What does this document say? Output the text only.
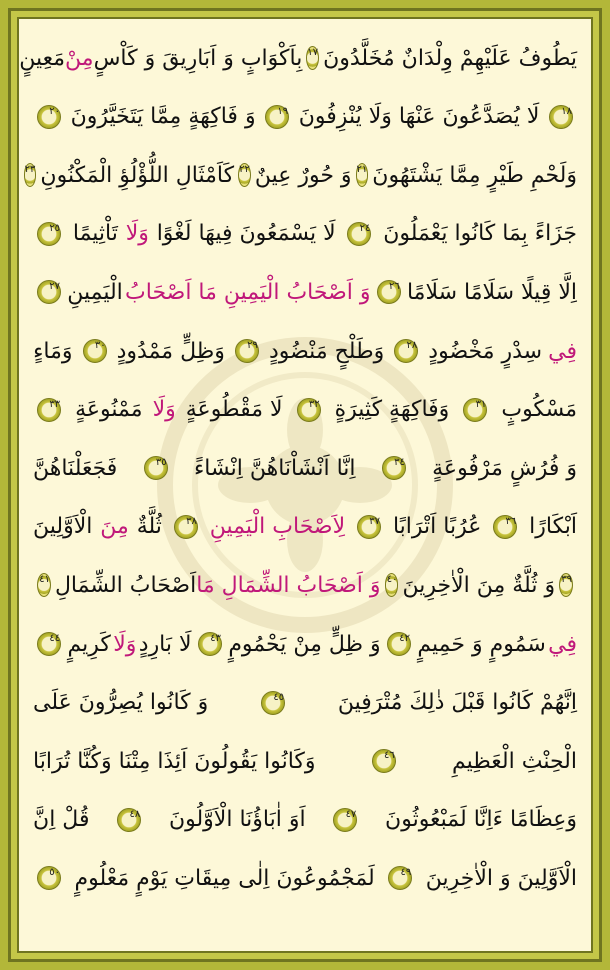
يَطُوفُ عَلَيْهِمْ وِلْدَانٌ مُخَلَّدُونَ
١٧
بِاَكْوَابٍ وَ اَبَارِيقَ وَ كَاْسٍ
مِنْ
مَعِينٍ
١٨
لَا يُصَدَّعُونَ عَنْهَا وَلَا يُنْزِفُونَ
١٩
وَ فَاكِهَةٍ مِمَّا يَتَخَيَّرُونَ
٢٠
وَلَحْمِ طَيْرٍ مِمَّا يَشْتَهُونَ
٢١
وَ حُورٌ عِينٌ
٢٢
كَاَمْثَالِ اللُّؤْلُؤِ الْمَكْنُونِ
٢٣
جَزَاءً بِمَا كَانُوا يَعْمَلُونَ
٢٤
لَا يَسْمَعُونَ فِيهَا لَغْوًا
وَلَا
تَاْثِيمًا
٢٥
اِلَّا قِيلًا سَلَامًا سَلَامًا
٢٦
وَ اَصْحَابُ الْيَمِينِ مَا اَصْحَابُ
الْيَمِينِ
٢٧
فِي
سِدْرٍ مَخْضُودٍ
٢٨
وَطَلْحٍ مَنْضُودٍ
٢٩
وَظِلٍّ مَمْدُودٍ
٣٠
وَمَاءٍ
مَسْكُوبٍ
٣١
وَفَاكِهَةٍ كَثِيرَةٍ
٣٢
لَا مَقْطُوعَةٍ
وَلَا
مَمْنُوعَةٍ
٣٣
وَ فُرُشٍ مَرْفُوعَةٍ
٣٤
اِنَّا اَنْشَاْنَاهُنَّ اِنْشَاءً
٣٥
فَجَعَلْنَاهُنَّ
اَبْكَارًا
٣٦
عُرُبًا اَتْرَابًا
٣٧
لِاَصْحَابِ الْيَمِينِ
٣٨
ثُلَّةٌ
مِنَ
الْاَوَّلِينَ
٣٩
وَ ثُلَّةٌ مِنَ الْاٰخِرِينَ
٤٠
وَ اَصْحَابُ الشِّمَالِ مَا
اَصْحَابُ الشِّمَالِ
٤١
فِي
سَمُومٍ وَ حَمِيمٍ
٤٢
وَ ظِلٍّ مِنْ يَحْمُومٍ
٤٣
لَا بَارِدٍ
وَلَا
كَرِيمٍ
٤٤
اِنَّهُمْ كَانُوا قَبْلَ ذٰلِكَ مُتْرَفِينَ
٤٥
وَ كَانُوا يُصِرُّونَ عَلَى
الْحِنْثِ الْعَظِيمِ
٤٦
وَكَانُوا يَقُولُونَ اَئِذَا مِتْنَا وَكُنَّا تُرَابًا
وَعِظَامًا ءَاِنَّا لَمَبْعُوثُونَ
٤٧
اَوَ اٰبَاؤُنَا الْاَوَّلُونَ
٤٨
قُلْ اِنَّ
الْاَوَّلِينَ وَ الْاٰخِرِينَ
٤٩
لَمَجْمُوعُونَ اِلٰى مِيقَاتِ يَوْمٍ مَعْلُومٍ
٥٠
